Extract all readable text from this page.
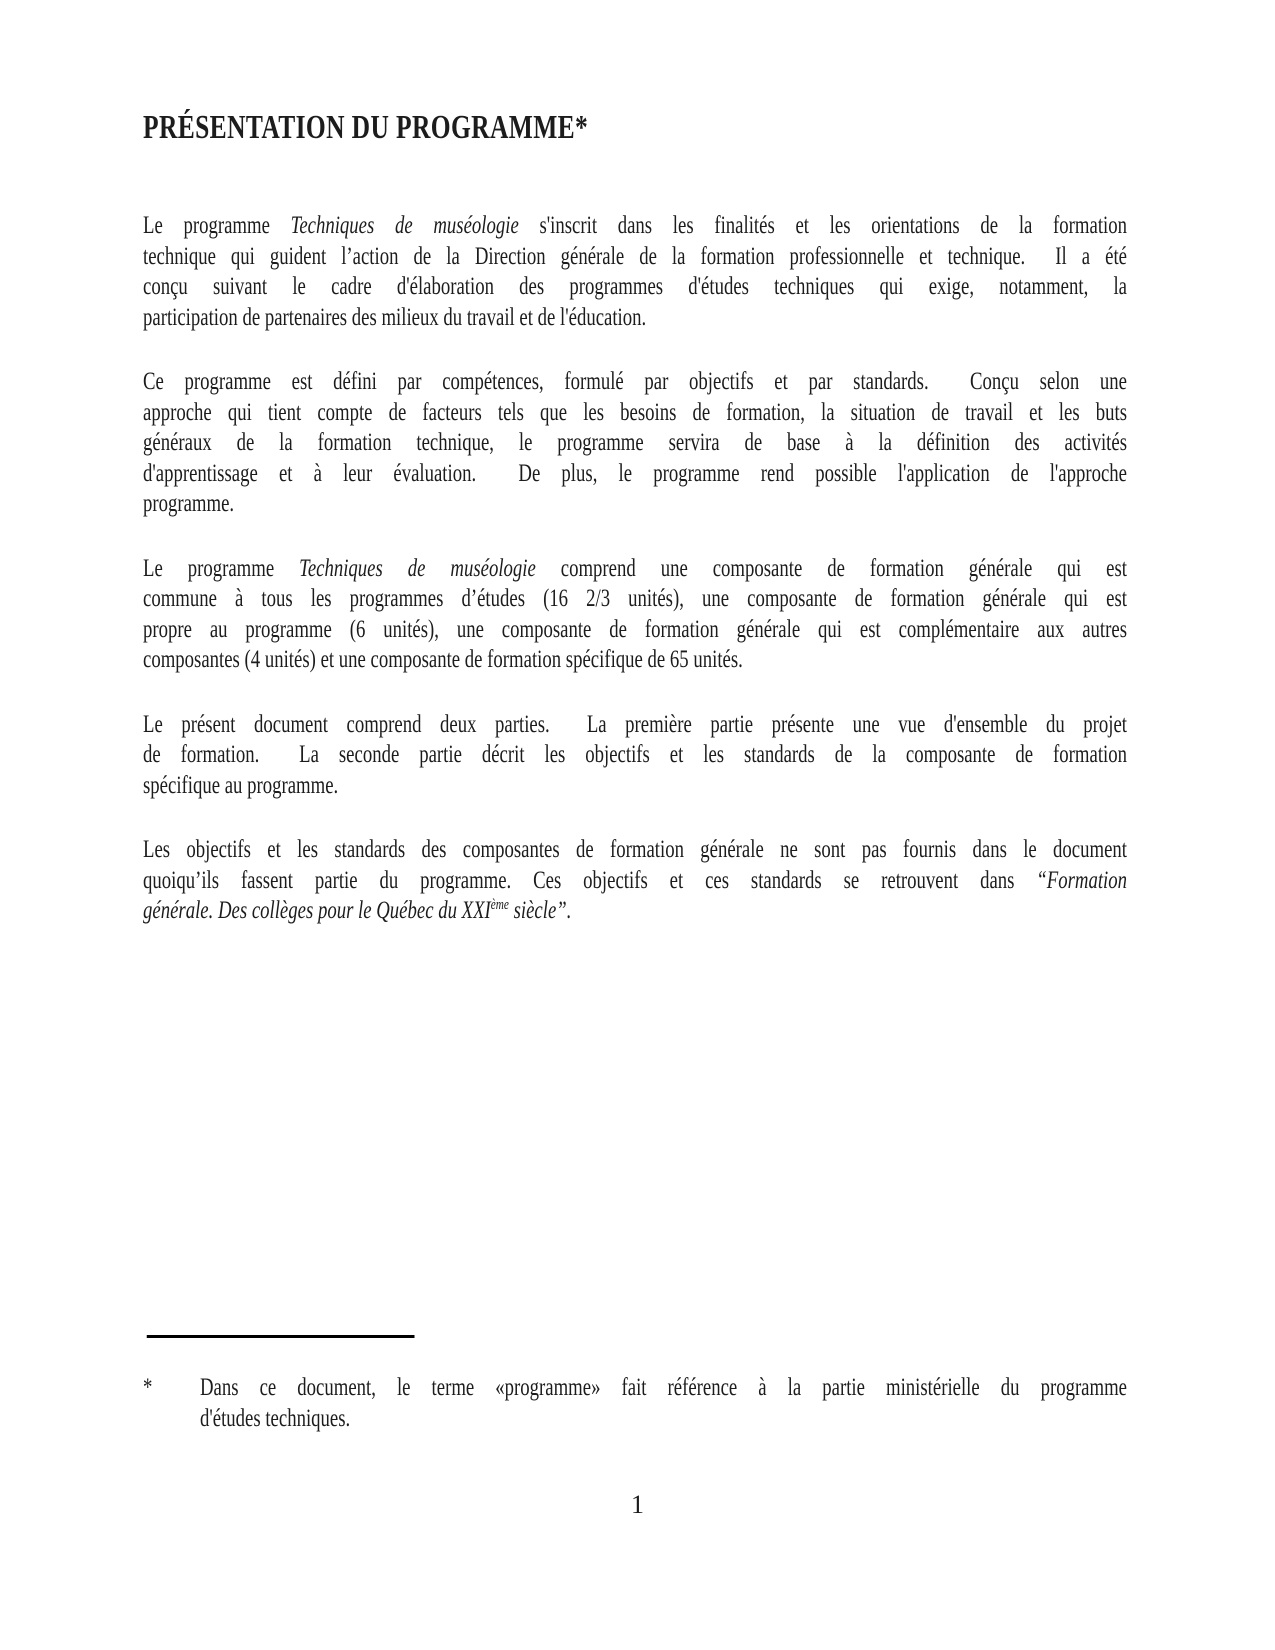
PRÉSENTATION DU PROGRAMME*
Le programme Techniques de muséologie s'inscrit dans les finalités et les orientations de la formation
technique qui guident l’action de la Direction générale de la formation professionnelle et technique.  Il a été
conçu suivant le cadre d'élaboration des programmes d'études techniques qui exige, notamment, la
participation de partenaires des milieux du travail et de l'éducation.
Ce programme est défini par compétences, formulé par objectifs et par standards.  Conçu selon une
approche qui tient compte de facteurs tels que les besoins de formation, la situation de travail et les buts
généraux de la formation technique, le programme servira de base à la définition des activités
d'apprentissage et à leur évaluation.  De plus, le programme rend possible l'application de l'approche
programme.
Le programme Techniques de muséologie comprend une composante de formation générale qui est
commune à tous les programmes d’études (16 2/3 unités), une composante de formation générale qui est
propre au programme (6 unités), une composante de formation générale qui est complémentaire aux autres
composantes (4 unités) et une composante de formation spécifique de 65 unités.
Le présent document comprend deux parties.  La première partie présente une vue d'ensemble du projet
de formation.  La seconde partie décrit les objectifs et les standards de la composante de formation
spécifique au programme.
Les objectifs et les standards des composantes de formation générale ne sont pas fournis dans le document
quoiqu’ils fassent partie du programme. Ces objectifs et ces standards se retrouvent dans “Formation
générale. Des collèges pour le Québec du XXIème siècle”.
* Dans ce document, le terme «programme» fait référence à la partie ministérielle du programme
d'études techniques.
1
